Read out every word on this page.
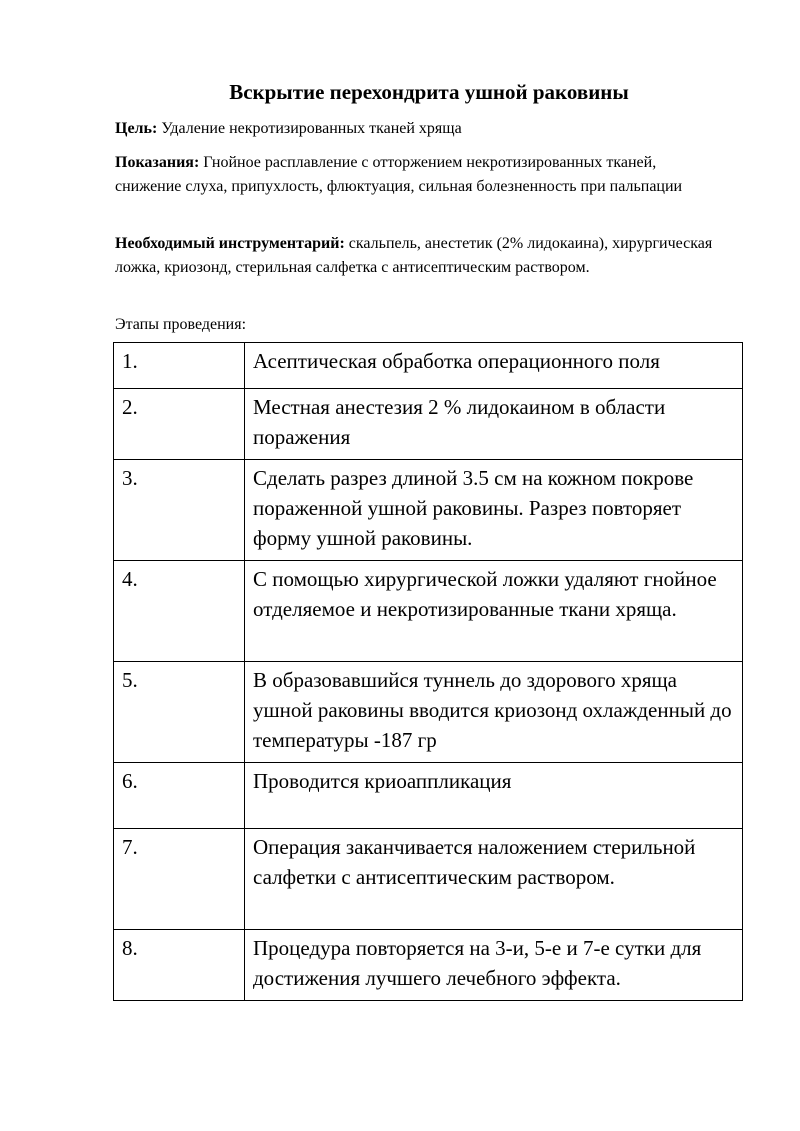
Вскрытие перехондрита ушной раковины
Цель: Удаление некротизированных тканей хряща
Показания: Гнойное расплавление с отторжением некротизированных тканей, снижение слуха, припухлость, флюктуация, сильная болезненность при пальпации
Необходимый инструментарий: скальпель, анестетик (2% лидокаина), хирургическая ложка, криозонд, стерильная салфетка с антисептическим раствором.
Этапы проведения:
1.	Асептическая обработка операционного поля
2.	Местная анестезия 2 % лидокаином в области поражения
3.	Сделать разрез длиной 3.5 см на кожном покрове пораженной ушной раковины. Разрез повторяет форму ушной раковины.
4.	С помощью хирургической ложки удаляют гнойное отделяемое и некротизированные ткани хряща.
5.	В образовавшийся туннель до здорового хряща ушной раковины вводится криозонд охлажденный до температуры -187 гр
6.	Проводится криоаппликация
7.	Операция заканчивается наложением стерильной салфетки с антисептическим раствором.
8.	Процедура повторяется на 3-и, 5-е и 7-е сутки для достижения лучшего лечебного эффекта.
